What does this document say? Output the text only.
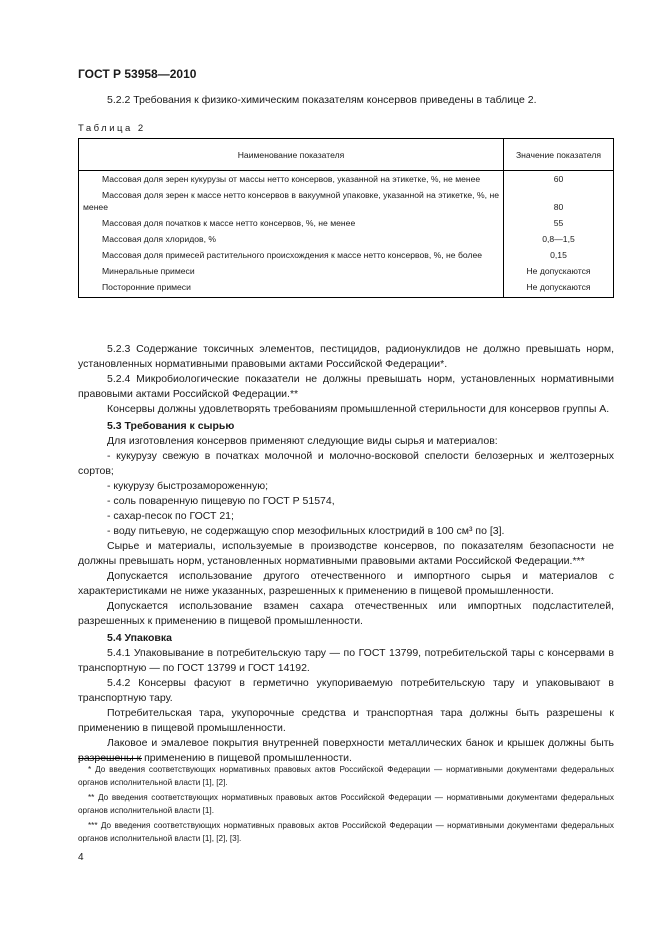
ГОСТ Р 53958—2010
5.2.2 Требования к физико-химическим показателям консервов приведены в таблице 2.
Таблица 2
Наименование показателя	Значение показателя
Массовая доля зерен кукурузы от массы нетто консервов, указанной на этикетке, %, не менее	60
Массовая доля зерен к массе нетто консервов в вакуумной упаковке, указанной на этикетке, %, не менее	80
Массовая доля початков к массе нетто консервов, %, не менее	55
Массовая доля хлоридов, %	0,8—1,5
Массовая доля примесей растительного происхождения к массе нетто консервов, %, не более	0,15
Минеральные примеси	Не допускаются
Посторонние примеси	Не допускаются
5.2.3 Содержание токсичных элементов, пестицидов, радионуклидов не должно превышать норм, установленных нормативными правовыми актами Российской Федерации*.
5.2.4 Микробиологические показатели не должны превышать норм, установленных нормативными правовыми актами Российской Федерации.**
Консервы должны удовлетворять требованиям промышленной стерильности для консервов группы А.
5.3 Требования к сырью
Для изготовления консервов применяют следующие виды сырья и материалов:
- кукурузу свежую в початках молочной и молочно-восковой спелости белозерных и желтозерных сортов;
- кукурузу быстрозамороженную;
- соль поваренную пищевую по ГОСТ Р 51574,
- сахар-песок по ГОСТ 21;
- воду питьевую, не содержащую спор мезофильных клостридий в 100 см³ по [3].
Сырье и материалы, используемые в производстве консервов, по показателям безопасности не должны превышать норм, установленных нормативными правовыми актами Российской Федерации.***
Допускается использование другого отечественного и импортного сырья и материалов с характеристиками не ниже указанных, разрешенных к применению в пищевой промышленности.
Допускается использование взамен сахара отечественных или импортных подсластителей, разрешенных к применению в пищевой промышленности.
5.4 Упаковка
5.4.1 Упаковывание в потребительскую тару — по ГОСТ 13799, потребительской тары с консервами в транспортную — по ГОСТ 13799 и ГОСТ 14192.
5.4.2 Консервы фасуют в герметично укупориваемую потребительскую тару и упаковывают в транспортную тару.
Потребительская тара, укупорочные средства и транспортная тара должны быть разрешены к применению в пищевой промышленности.
Лаковое и эмалевое покрытия внутренней поверхности металлических банок и крышек должны быть разрешены к применению в пищевой промышленности.
* До введения соответствующих нормативных правовых актов Российской Федерации — нормативными документами федеральных органов исполнительной власти [1], [2].
** До введения соответствующих нормативных правовых актов Российской Федерации — нормативными документами федеральных органов исполнительной власти [1].
*** До введения соответствующих нормативных правовых актов Российской Федерации — нормативными документами федеральных органов исполнительной власти [1], [2], [3].
4
